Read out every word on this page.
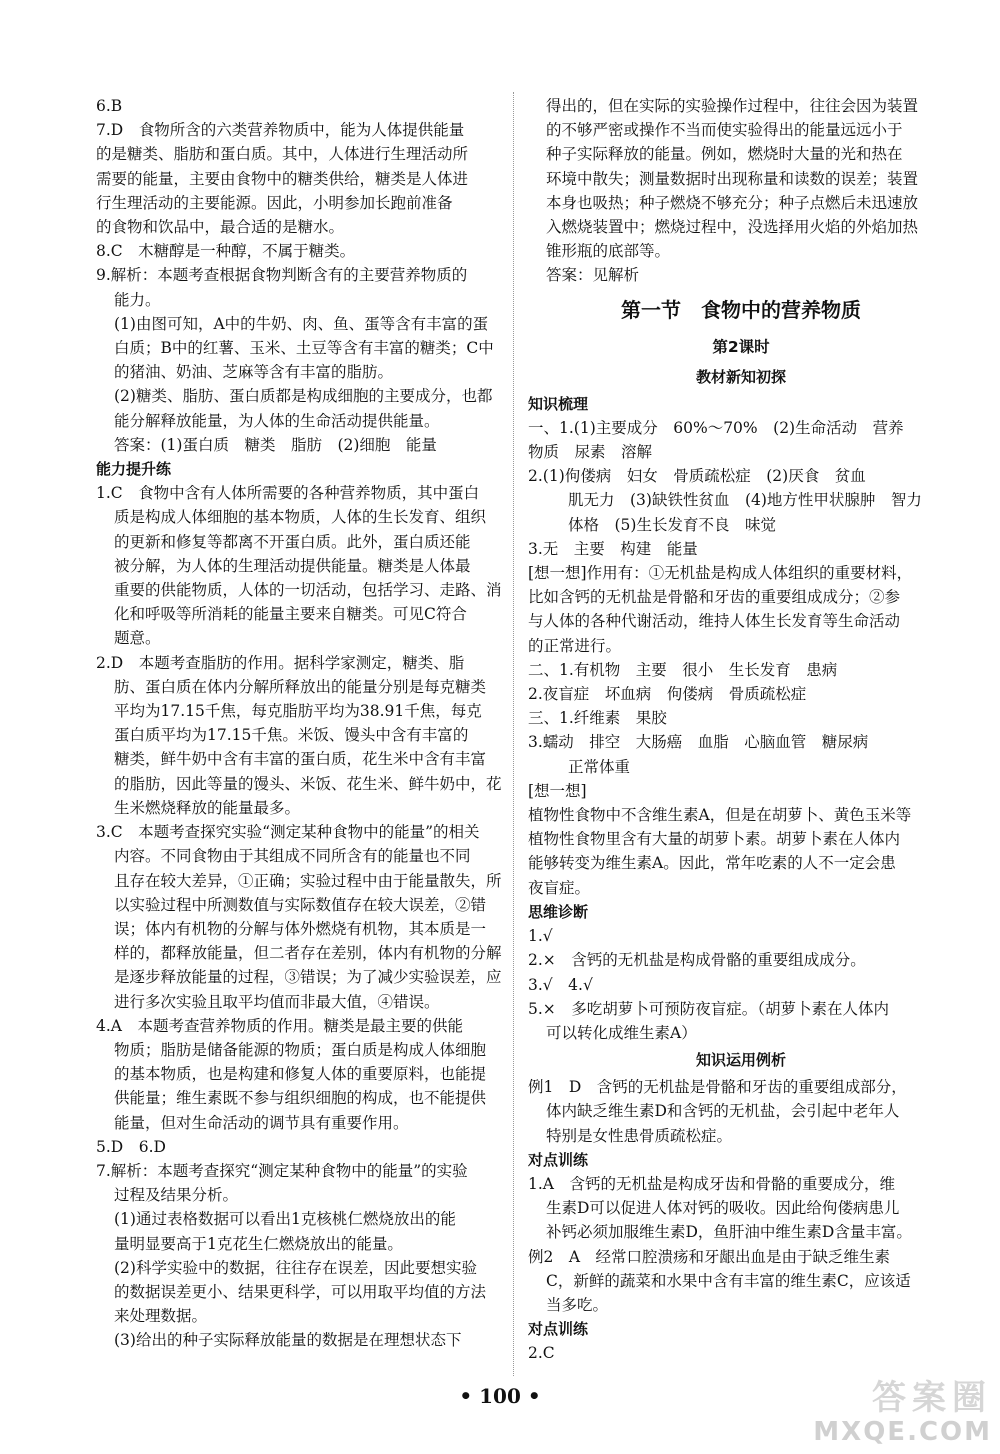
6.B
7.D　食物所含的六类营养物质中，能为人体提供能量
的是糖类、脂肪和蛋白质。其中，人体进行生理活动所
需要的能量，主要由食物中的糖类供给，糖类是人体进
行生理活动的主要能源。因此，小明参加长跑前准备
的食物和饮品中，最合适的是糖水。
8.C　木糖醇是一种醇，不属于糖类。
9.解析：本题考查根据食物判断含有的主要营养物质的
能力。
(1)由图可知，A中的牛奶、肉、鱼、蛋等含有丰富的蛋
白质；B中的红薯、玉米、土豆等含有丰富的糖类；C中
的猪油、奶油、芝麻等含有丰富的脂肪。
(2)糖类、脂肪、蛋白质都是构成细胞的主要成分，也都
能分解释放能量，为人体的生命活动提供能量。
答案：(1)蛋白质　糖类　脂肪　(2)细胞　能量
能力提升练
1.C　食物中含有人体所需要的各种营养物质，其中蛋白
质是构成人体细胞的基本物质，人体的生长发育、组织
的更新和修复等都离不开蛋白质。此外，蛋白质还能
被分解，为人体的生理活动提供能量。糖类是人体最
重要的供能物质，人体的一切活动，包括学习、走路、消
化和呼吸等所消耗的能量主要来自糖类。可见C符合
题意。
2.D　本题考查脂肪的作用。据科学家测定，糖类、脂
肪、蛋白质在体内分解所释放出的能量分别是每克糖类
平均为17.15千焦，每克脂肪平均为38.91千焦，每克
蛋白质平均为17.15千焦。米饭、馒头中含有丰富的
糖类，鲜牛奶中含有丰富的蛋白质，花生米中含有丰富
的脂肪，因此等量的馒头、米饭、花生米、鲜牛奶中，花
生米燃烧释放的能量最多。
3.C　本题考查探究实验“测定某种食物中的能量”的相关
内容。不同食物由于其组成不同所含有的能量也不同
且存在较大差异，①正确；实验过程中由于能量散失，所
以实验过程中所测数值与实际数值存在较大误差，②错
误；体内有机物的分解与体外燃烧有机物，其本质是一
样的，都释放能量，但二者存在差别，体内有机物的分解
是逐步释放能量的过程，③错误；为了减少实验误差，应
进行多次实验且取平均值而非最大值，④错误。
4.A　本题考查营养物质的作用。糖类是最主要的供能
物质；脂肪是储备能源的物质；蛋白质是构成人体细胞
的基本物质，也是构建和修复人体的重要原料，也能提
供能量；维生素既不参与组织细胞的构成，也不能提供
能量，但对生命活动的调节具有重要作用。
5.D　6.D
7.解析：本题考查探究“测定某种食物中的能量”的实验
过程及结果分析。
(1)通过表格数据可以看出1克核桃仁燃烧放出的能
量明显要高于1克花生仁燃烧放出的能量。
(2)科学实验中的数据，往往存在误差，因此要想实验
的数据误差更小、结果更科学，可以用取平均值的方法
来处理数据。
(3)给出的种子实际释放能量的数据是在理想状态下
得出的，但在实际的实验操作过程中，往往会因为装置
的不够严密或操作不当而使实验得出的能量远远小于
种子实际释放的能量。例如，燃烧时大量的光和热在
环境中散失；测量数据时出现称量和读数的误差；装置
本身也吸热；种子燃烧不够充分；种子点燃后未迅速放
入燃烧装置中；燃烧过程中，没选择用火焰的外焰加热
锥形瓶的底部等。
答案：见解析
第一节　食物中的营养物质
第2课时
教材新知初探
知识梳理
一、1.(1)主要成分　60%～70%　(2)生命活动　营养
物质　尿素　溶解
2.(1)佝偻病　妇女　骨质疏松症　(2)厌食　贫血
肌无力　(3)缺铁性贫血　(4)地方性甲状腺肿　智力
体格　(5)生长发育不良　味觉
3.无　主要　构建　能量
[想一想]作用有：①无机盐是构成人体组织的重要材料，
比如含钙的无机盐是骨骼和牙齿的重要组成成分；②参
与人体的各种代谢活动，维持人体生长发育等生命活动
的正常进行。
二、1.有机物　主要　很小　生长发育　患病
2.夜盲症　坏血病　佝偻病　骨质疏松症
三、1.纤维素　果胶
3.蠕动　排空　大肠癌　血脂　心脑血管　糖尿病
正常体重
[想一想]
植物性食物中不含维生素A，但是在胡萝卜、黄色玉米等
植物性食物里含有大量的胡萝卜素。胡萝卜素在人体内
能够转变为维生素A。因此，常年吃素的人不一定会患
夜盲症。
思维诊断
1.√
2.×　含钙的无机盐是构成骨骼的重要组成成分。
3.√　4.√
5.×　多吃胡萝卜可预防夜盲症。（胡萝卜素在人体内
可以转化成维生素A）
知识运用例析
例1　D　含钙的无机盐是骨骼和牙齿的重要组成部分，
体内缺乏维生素D和含钙的无机盐，会引起中老年人
特别是女性患骨质疏松症。
对点训练
1.A　含钙的无机盐是构成牙齿和骨骼的重要成分，维
生素D可以促进人体对钙的吸收。因此给佝偻病患儿
补钙必须加服维生素D，鱼肝油中维生素D含量丰富。
例2　A　经常口腔溃疡和牙龈出血是由于缺乏维生素
C，新鲜的蔬菜和水果中含有丰富的维生素C，应该适
当多吃。
对点训练
2.C
• 100 •	答案圈
MXQE.COM
